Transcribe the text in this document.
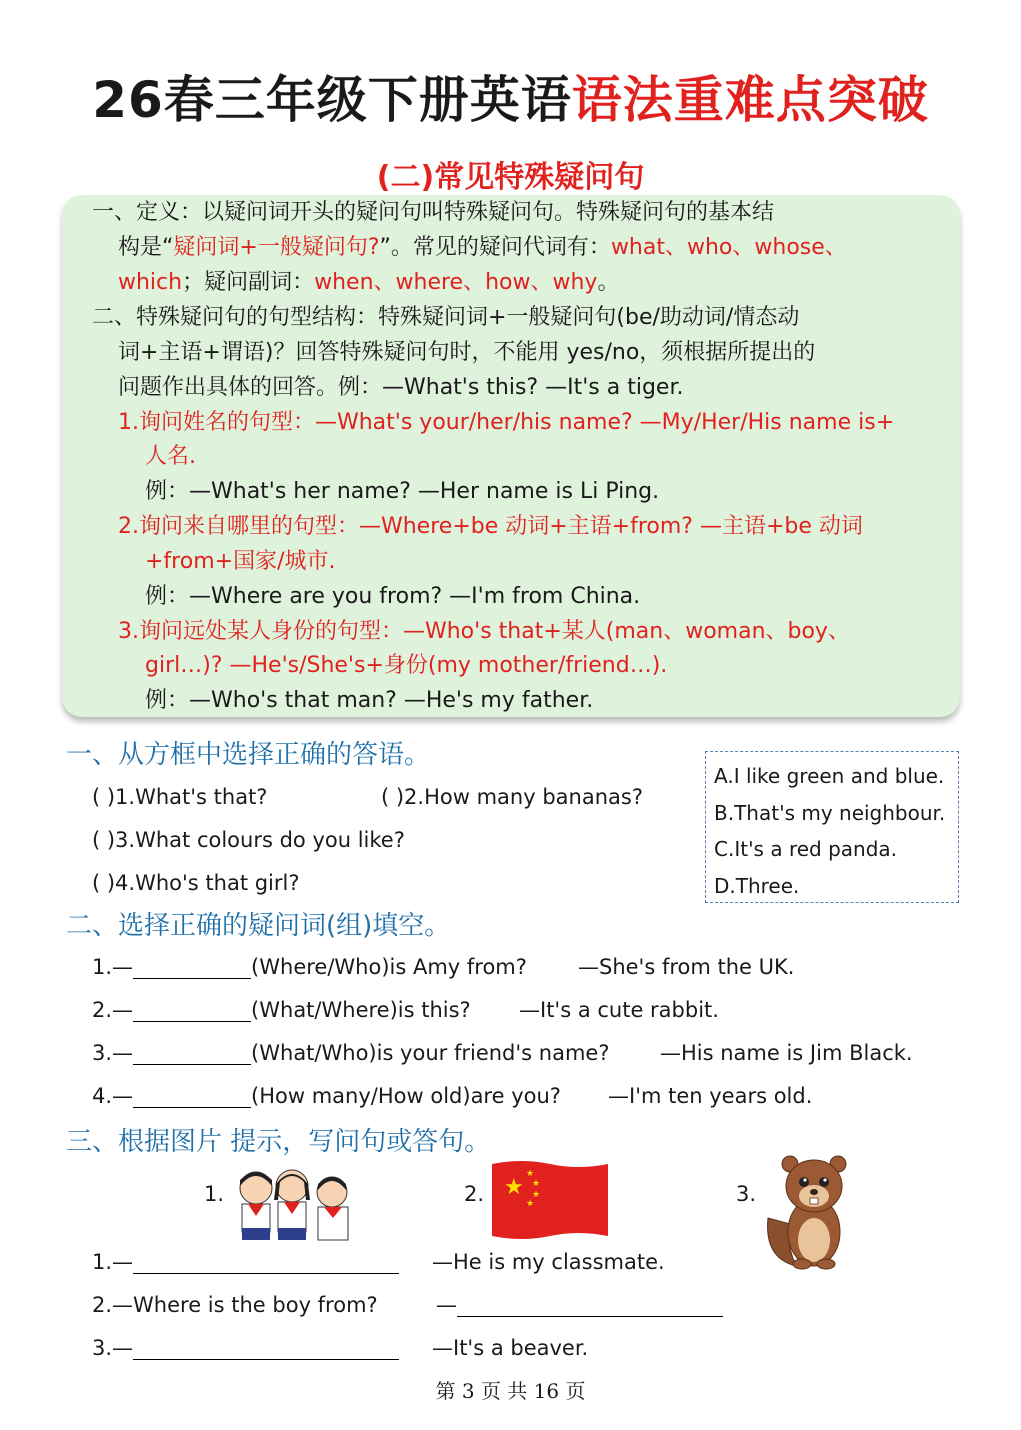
26春三年级下册英语语法重难点突破
(二)常见特殊疑问句
一、定义：以疑问词开头的疑问句叫特殊疑问句。特殊疑问句的基本结
构是“疑问词+一般疑问句?”。常见的疑问代词有：what、who、whose、
which；疑问副词：when、where、how、why。
二、特殊疑问句的句型结构：特殊疑问词+一般疑问句(be/助动词/情态动
词+主语+谓语)？回答特殊疑问句时，不能用 yes/no，须根据所提出的
问题作出具体的回答。例：—What's this? —It's a tiger.
1.询问姓名的句型：—What's your/her/his name? —My/Her/His name is+
人名.
例：—What's her name? —Her name is Li Ping.
2.询问来自哪里的句型：—Where+be 动词+主语+from? —主语+be 动词
+from+国家/城市.
例：—Where are you from? —I'm from China.
3.询问远处某人身份的句型：—Who's that+某人(man、woman、boy、
girl…)? —He's/She's+身份(my mother/friend…).
例：—Who's that man? —He's my father.
一、从方框中选择正确的答语。
( )1.What's that?	( )2.How many bananas?
( )3.What colours do you like?
( )4.Who's that girl?
A.I like green and blue.
B.That's my neighbour.
C.It's a red panda.
D.Three.
二、选择正确的疑问词(组)填空。
1.—	(Where/Who)is Amy from? —She's from the UK.
2.—	(What/Where)is this? —It's a cute rabbit.
3.—	(What/Who)is your friend's name? —His name is Jim Black.
4.—	(How many/How old)are you? —I'm ten years old.
三、根据图片 提示，写问句或答句。
1.	2.	3.
★
★
★
★
★
1.—	—He is my classmate.
2.—Where is the boy from?	—
3.—	—It's a beaver.
第 3 页 共 16 页
